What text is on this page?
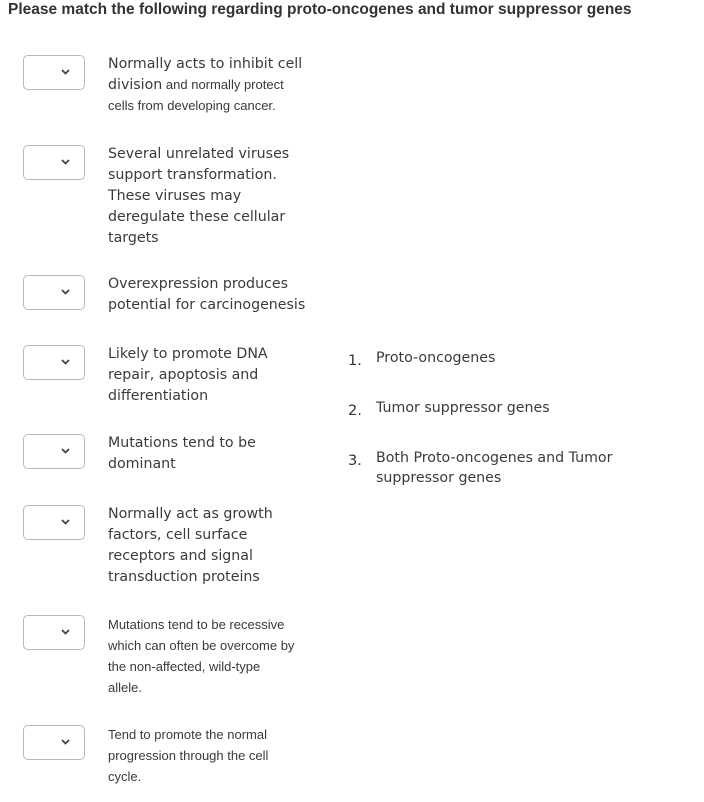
Please match the following regarding proto-oncogenes and tumor suppressor genes
Normally acts to inhibit cell
division and normally protect
cells from developing cancer.
Several unrelated viruses
support transformation.
These viruses may
deregulate these cellular
targets
Overexpression produces
potential for carcinogenesis
Likely to promote DNA
repair, apoptosis and
differentiation
Mutations tend to be
dominant
Normally act as growth
factors, cell surface
receptors and signal
transduction proteins
Mutations tend to be recessive
which can often be overcome by
the non-affected, wild-type
allele.
Tend to promote the normal
progression through the cell
cycle.
1. Proto-oncogenes
2. Tumor suppressor genes
3. Both Proto-oncogenes and Tumor
suppressor genes
